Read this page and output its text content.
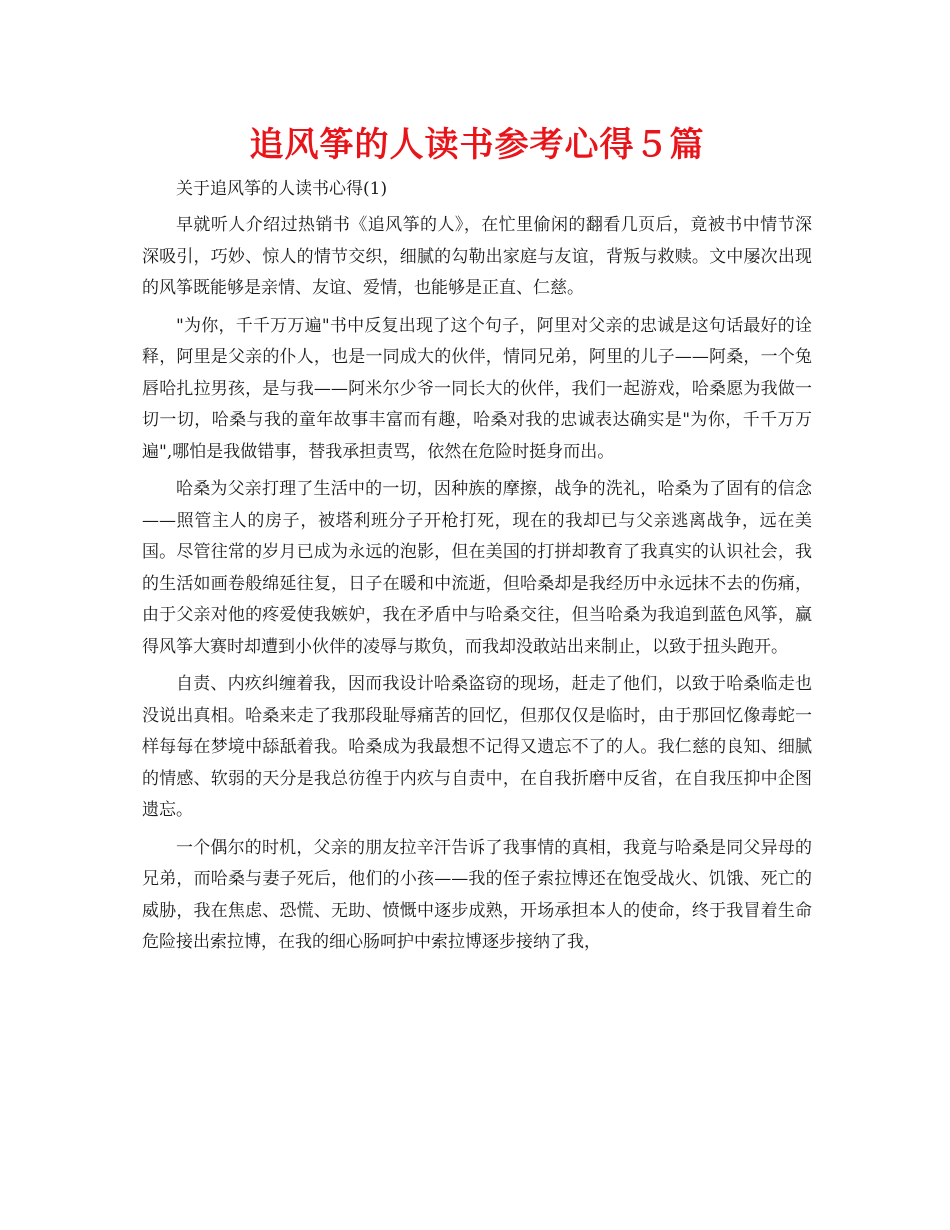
追风筝的人读书参考心得５篇

关于追风筝的人读书心得(1)

早就听人介绍过热销书《追风筝的人》，在忙里偷闲的翻看几页后，竟被书中情节深深吸引，巧妙、惊人的情节交织，细腻的勾勒出家庭与友谊，背叛与救赎。文中屡次出现的风筝既能够是亲情、友谊、爱情，也能够是正直、仁慈。

"为你，千千万万遍"书中反复出现了这个句子，阿里对父亲的忠诚是这句话最好的诠释，阿里是父亲的仆人，也是一同成大的伙伴，情同兄弟，阿里的儿子——阿桑，一个兔唇哈扎拉男孩，是与我——阿米尔少爷一同长大的伙伴，我们一起游戏，哈桑愿为我做一切一切，哈桑与我的童年故事丰富而有趣，哈桑对我的忠诚表达确实是"为你，千千万万遍",哪怕是我做错事，替我承担责骂，依然在危险时挺身而出。

哈桑为父亲打理了生活中的一切，因种族的摩擦，战争的洗礼，哈桑为了固有的信念——照管主人的房子，被塔利班分子开枪打死，现在的我却已与父亲逃离战争，远在美国。尽管往常的岁月已成为永远的泡影，但在美国的打拼却教育了我真实的认识社会，我的生活如画卷般绵延往复，日子在暖和中流逝，但哈桑却是我经历中永远抹不去的伤痛，由于父亲对他的疼爱使我嫉妒，我在矛盾中与哈桑交往，但当哈桑为我追到蓝色风筝，赢得风筝大赛时却遭到小伙伴的凌辱与欺负，而我却没敢站出来制止，以致于扭头跑开。

自责、内疚纠缠着我，因而我设计哈桑盗窃的现场，赶走了他们，以致于哈桑临走也没说出真相。哈桑来走了我那段耻辱痛苦的回忆，但那仅仅是临时，由于那回忆像毒蛇一样每每在梦境中舔舐着我。哈桑成为我最想不记得又遗忘不了的人。我仁慈的良知、细腻的情感、软弱的天分是我总彷徨于内疚与自责中，在自我折磨中反省，在自我压抑中企图遗忘。

一个偶尔的时机，父亲的朋友拉辛汗告诉了我事情的真相，我竟与哈桑是同父异母的兄弟，而哈桑与妻子死后，他们的小孩——我的侄子索拉博还在饱受战火、饥饿、死亡的威胁，我在焦虑、恐慌、无助、愤慨中逐步成熟，开场承担本人的使命，终于我冒着生命危险接出索拉博，在我的细心肠呵护中索拉博逐步接纳了我，
